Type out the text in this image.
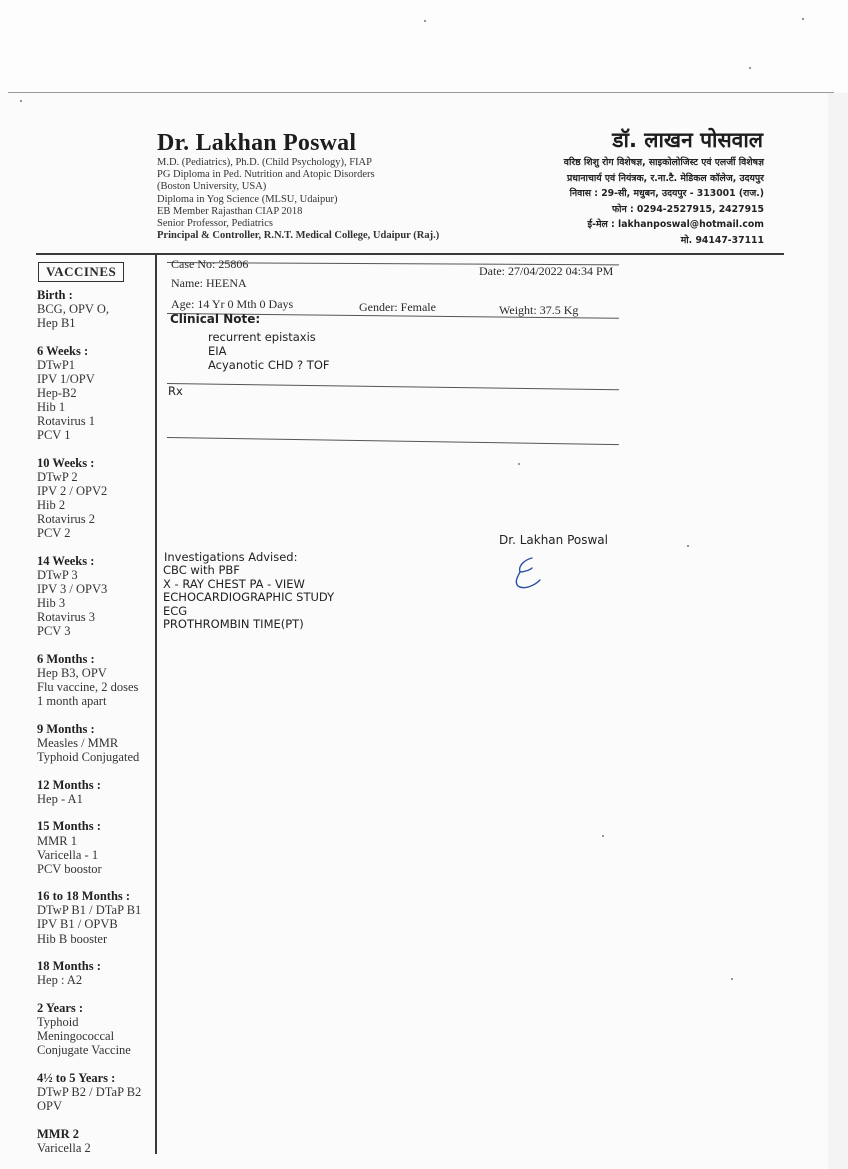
Dr. Lakhan Poswal
M.D. (Pediatrics), Ph.D. (Child Psychology), FIAP
PG Diploma in Ped. Nutrition and Atopic Disorders
(Boston University, USA)
Diploma in Yog Science (MLSU, Udaipur)
EB Member Rajasthan CIAP 2018
Senior Professor, Pediatrics
Principal & Controller, R.N.T. Medical College, Udaipur (Raj.)
डॉ. लाखन पोसवाल
वरिष्ठ शिशु रोग विशेषज्ञ, साइकोलोजिस्ट एवं एलर्जी विशेषज्ञ
प्रधानाचार्य एवं नियंत्रक, र.ना.टै. मेडिकल कॉलेज, उदयपुर
निवास : 29-सी, मधुबन, उदयपुर - 313001 (राज.)
फोन : 0294-2527915, 2427915
ई-मेल : lakhanposwal@hotmail.com
मो. 94147-37111
VACCINES
Birth :
BCG, OPV O,
Hep B1
6 Weeks :
DTwP1
IPV 1/OPV
Hep-B2
Hib 1
Rotavirus 1
PCV 1
10 Weeks :
DTwP 2
IPV 2 / OPV2
Hib 2
Rotavirus 2
PCV 2
14 Weeks :
DTwP 3
IPV 3 / OPV3
Hib 3
Rotavirus 3
PCV 3
6 Months :
Hep B3, OPV
Flu vaccine, 2 doses
1 month apart
9 Months :
Measles / MMR
Typhoid Conjugated
12 Months :
Hep - A1
15 Months :
MMR 1
Varicella - 1
PCV boostor
16 to 18 Months :
DTwP B1 / DTaP B1
IPV B1 / OPVB
Hib B booster
18 Months :
Hep : A2
2 Years :
Typhoid
Meningococcal
Conjugate Vaccine
4½ to 5 Years :
DTwP B2 / DTaP B2
OPV
MMR 2
Varicella 2
Case No: 25806	Date: 27/04/2022 04:34 PM
Name: HEENA
Age: 14 Yr 0 Mth 0 Days	Gender: Female	Weight: 37.5 Kg
Clinical Note:
recurrent epistaxis
EIA
Acyanotic CHD ? TOF
Rx
Dr. Lakhan Poswal
Investigations Advised:
CBC with PBF
X - RAY CHEST PA - VIEW
ECHOCARDIOGRAPHIC STUDY
ECG
PROTHROMBIN TIME(PT)
